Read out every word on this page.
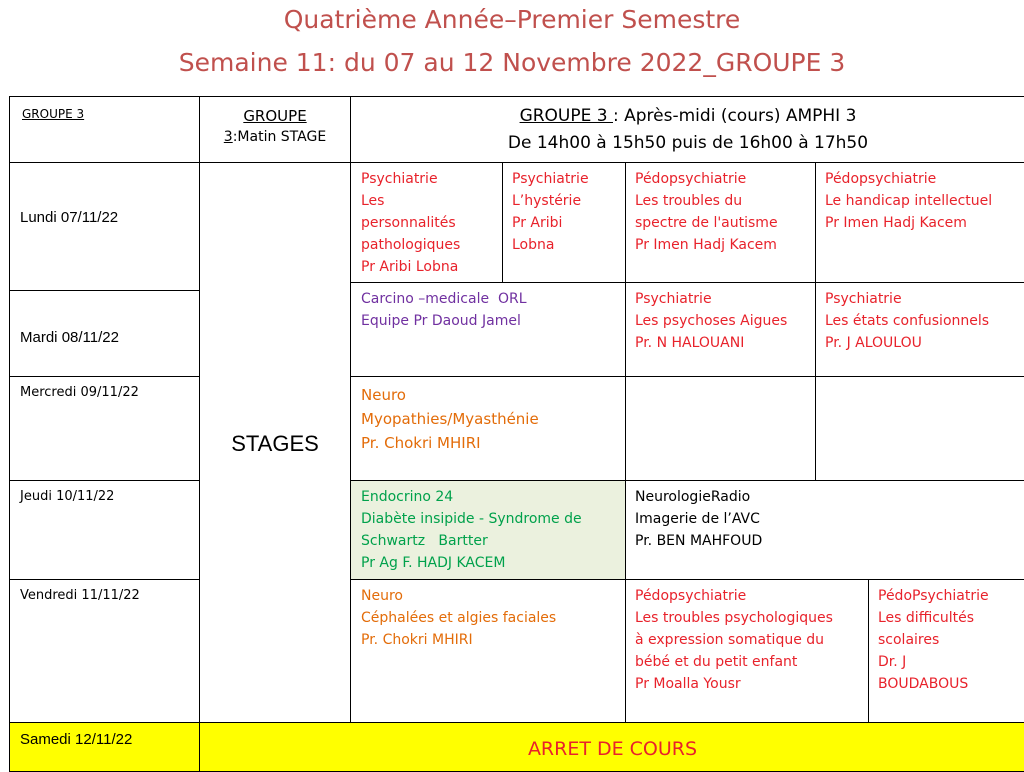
Quatrième Année–Premier Semestre
Semaine 11: du 07 au 12 Novembre 2022_GROUPE 3
GROUPE 3	GROUPE
3:Matin STAGE
GROUPE 3 : Après-midi (cours) AMPHI 3
De 14h00 à 15h50 puis de 16h00 à 17h50
Lundi 07/11/22
Mardi 08/11/22
Mercredi 09/11/22
Jeudi 10/11/22
Vendredi 11/11/22
Samedi 12/11/22
STAGES
Psychiatrie
Les
personnalités
pathologiques
Pr Aribi Lobna
Psychiatrie
L’hystérie
Pr Aribi
Lobna
Pédopsychiatrie
Les troubles du
spectre de l'autisme
Pr Imen Hadj Kacem
Pédopsychiatrie
Le handicap intellectuel
Pr Imen Hadj Kacem
Carcino –medicale  ORL
Equipe Pr Daoud Jamel
Psychiatrie
Les psychoses Aigues
Pr. N HALOUANI
Psychiatrie
Les états confusionnels
Pr. J ALOULOU
Neuro
Myopathies/Myasthénie
Pr. Chokri MHIRI
Endocrino 24
Diabète insipide - Syndrome de
Schwartz   Bartter
Pr Ag F. HADJ KACEM
NeurologieRadio
Imagerie de l’AVC
Pr. BEN MAHFOUD
Neuro
Céphalées et algies faciales
Pr. Chokri MHIRI
Pédopsychiatrie
Les troubles psychologiques
à expression somatique du
bébé et du petit enfant
Pr Moalla Yousr
PédoPsychiatrie
Les difficultés
scolaires
Dr. J
BOUDABOUS
ARRET DE COURS
